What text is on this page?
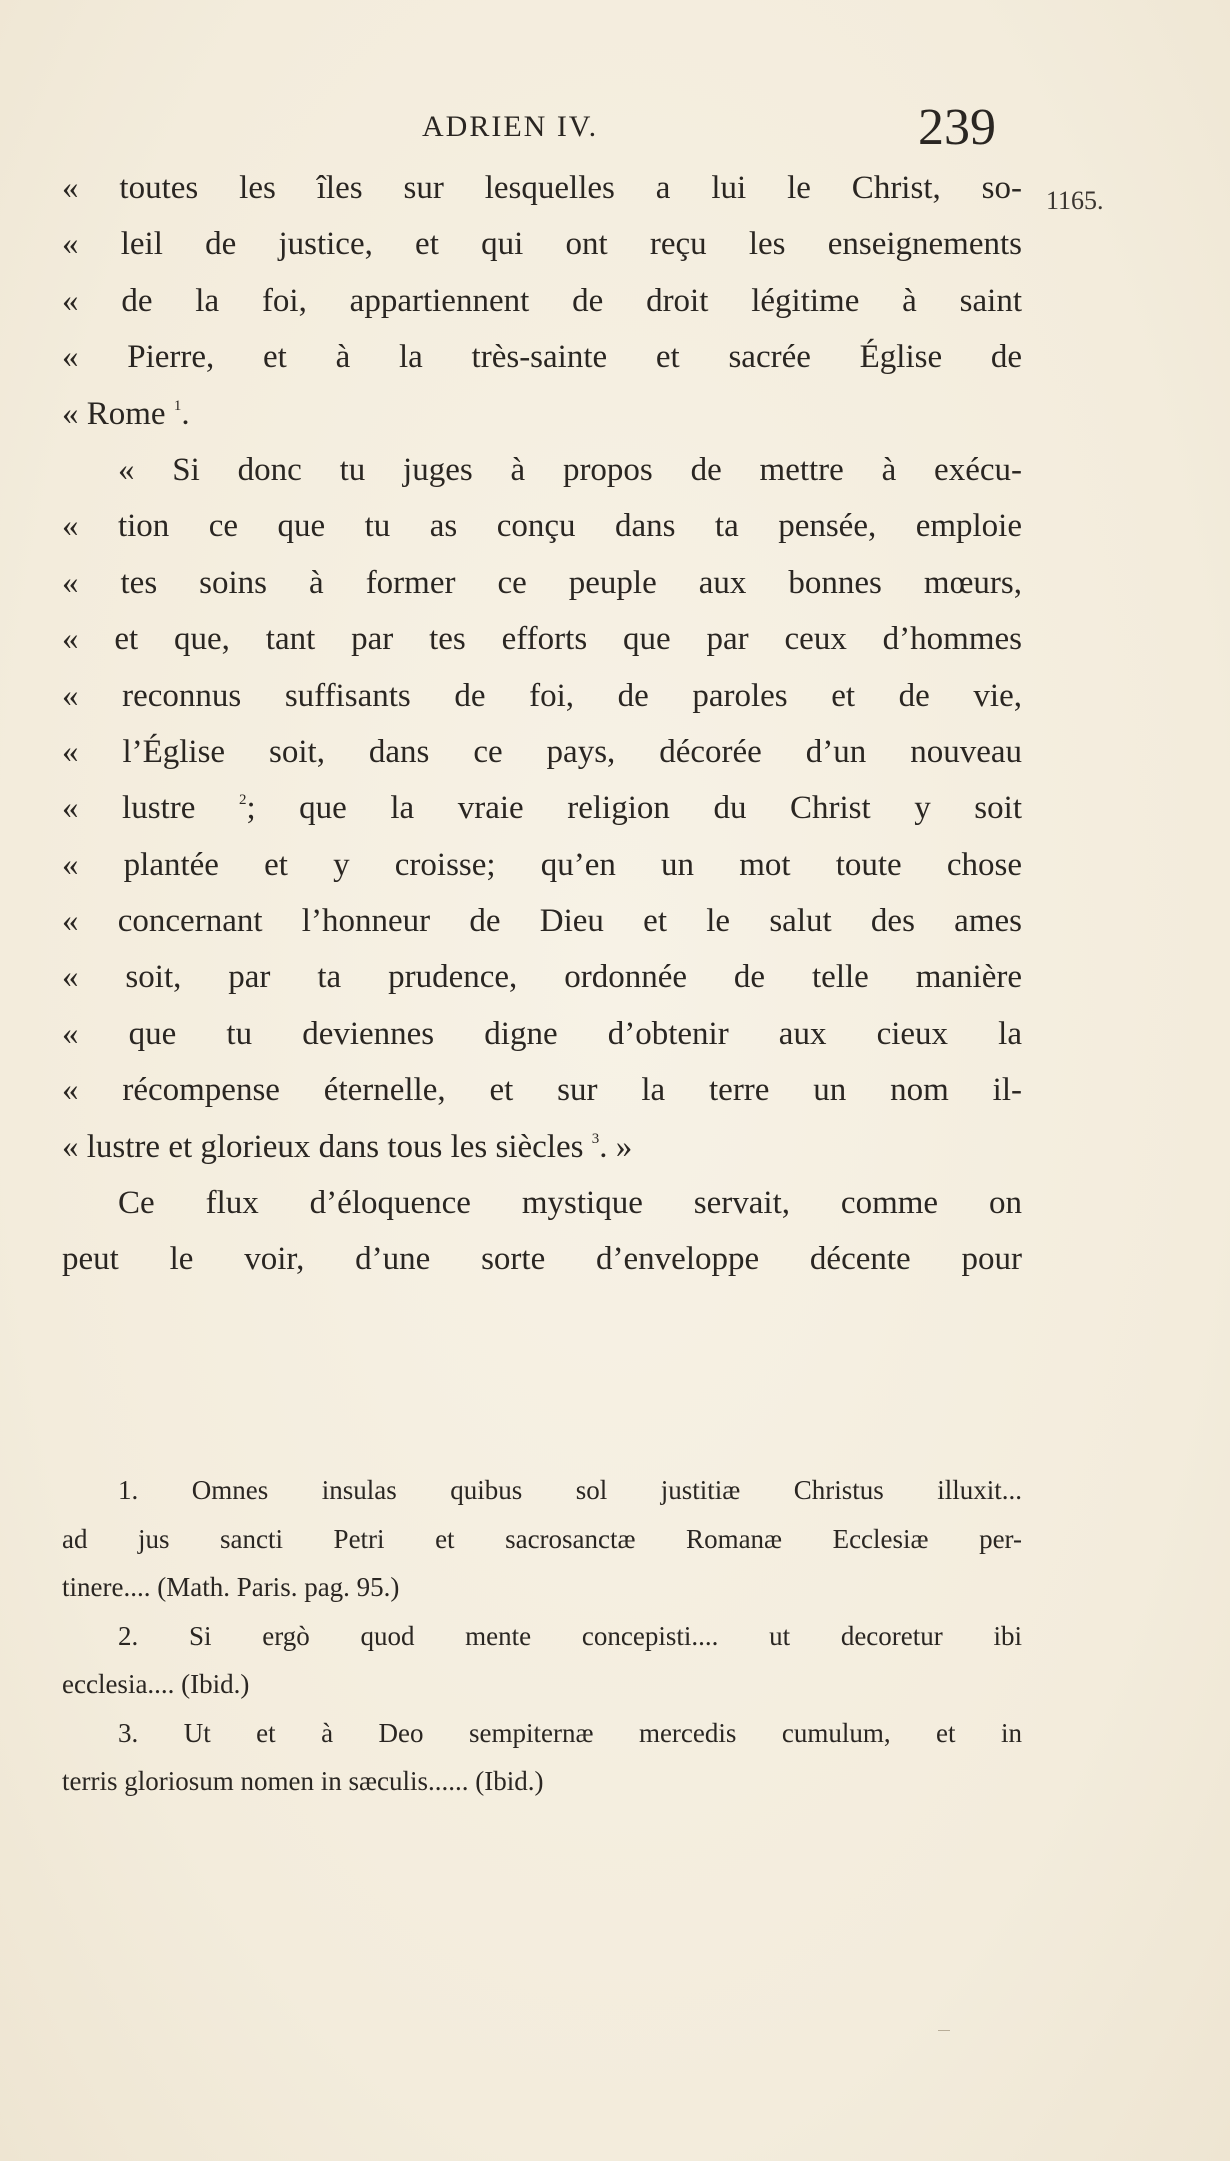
ADRIEN IV.	239
1165.
« toutes les îles sur lesquelles a lui le Christ, so-
« leil de justice, et qui ont reçu les enseignements
« de la foi, appartiennent de droit légitime à saint
« Pierre, et à la très-sainte et sacrée Église de
« Rome $^1$.
« Si donc tu juges à propos de mettre à exécu-
« tion ce que tu as conçu dans ta pensée, emploie
« tes soins à former ce peuple aux bonnes mœurs,
« et que, tant par tes efforts que par ceux d’hommes
« reconnus suffisants de foi, de paroles et de vie,
« l’Église soit, dans ce pays, décorée d’un nouveau
« lustre	$^2$; que la vraie religion du Christ y soit
« plantée et y croisse; qu’en un mot toute chose
« concernant l’honneur de Dieu et le salut des ames
« soit, par ta prudence, ordonnée de telle manière
« que tu deviennes digne d’obtenir aux cieux la
« récompense éternelle, et sur la terre un nom il-
« lustre et glorieux dans tous les siècles $^3$. »
Ce flux d’éloquence mystique servait, comme on
peut le voir, d’une sorte d’enveloppe décente pour
1. Omnes insulas quibus sol justitiæ Christus illuxit...
ad jus sancti Petri et sacrosanctæ Romanæ Ecclesiæ per-
tinere.... (Math. Paris. pag. 95.)
2. Si ergò quod mente concepisti.... ut decoretur ibi
ecclesia.... (Ibid.)
3. Ut et à Deo sempiternæ mercedis cumulum, et in
terris gloriosum nomen in sæculis...... (Ibid.)
